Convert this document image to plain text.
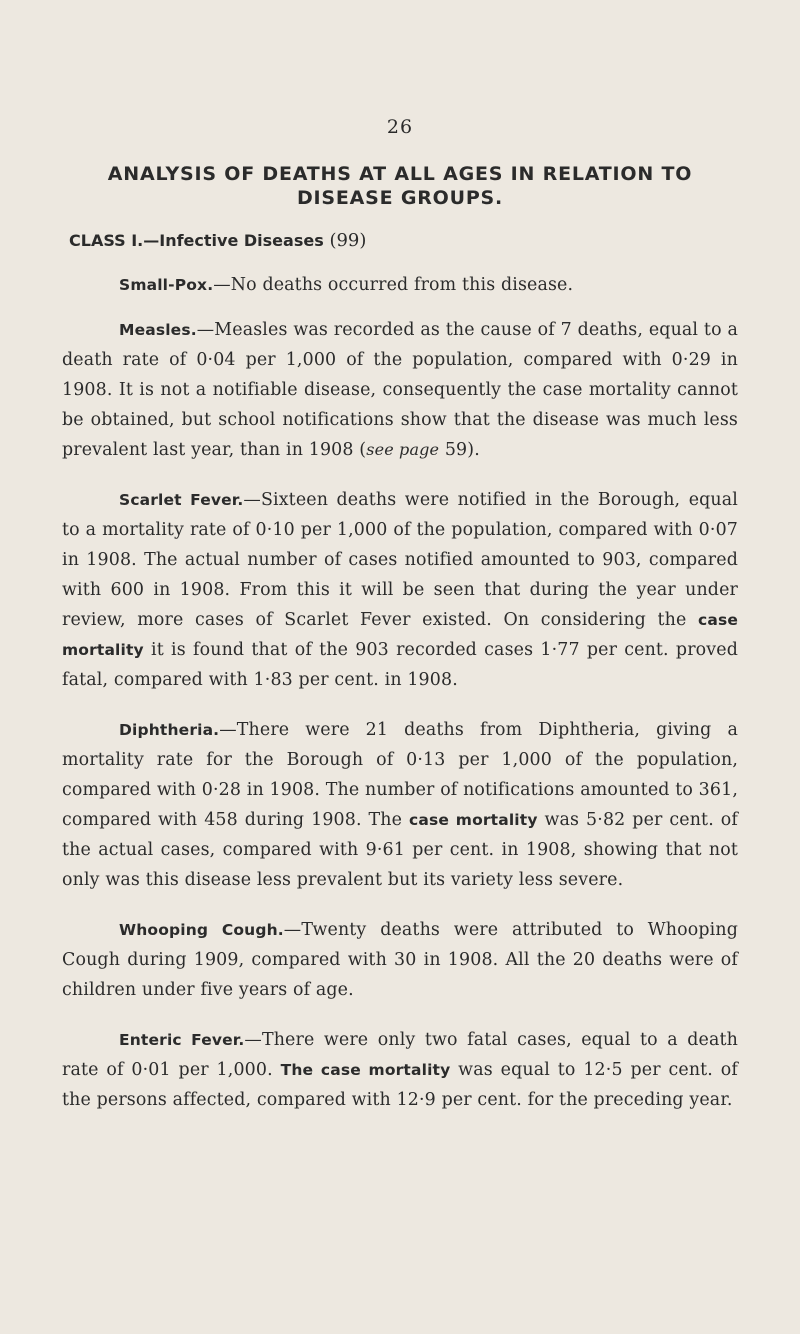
26
ANALYSIS OF DEATHS AT ALL AGES IN RELATION TO DISEASE GROUPS.
CLASS I.—Infective Diseases (99)

Small-Pox.—No deaths occurred from this disease.

Measles.—Measles was recorded as the cause of 7 deaths, equal to a death rate of 0·04 per 1,000 of the population, compared with 0·29 in 1908. It is not a notifiable disease, consequently the case mortality cannot be obtained, but school notifications show that the disease was much less prevalent last year, than in 1908 (see page 59).

Scarlet Fever.—Sixteen deaths were notified in the Borough, equal to a mortality rate of 0·10 per 1,000 of the population, compared with 0·07 in 1908. The actual number of cases notified amounted to 903, compared with 600 in 1908. From this it will be seen that during the year under review, more cases of Scarlet Fever existed. On considering the case mortality it is found that of the 903 recorded cases 1·77 per cent. proved fatal, compared with 1·83 per cent. in 1908.

Diphtheria.—There were 21 deaths from Diphtheria, giving a mortality rate for the Borough of 0·13 per 1,000 of the population, compared with 0·28 in 1908. The number of notifications amounted to 361, compared with 458 during 1908. The case mortality was 5·82 per cent. of the actual cases, compared with 9·61 per cent. in 1908, showing that not only was this disease less prevalent but its variety less severe.

Whooping Cough.—Twenty deaths were attributed to Whooping Cough during 1909, compared with 30 in 1908. All the 20 deaths were of children under five years of age.

Enteric Fever.—There were only two fatal cases, equal to a death rate of 0·01 per 1,000. The case mortality was equal to 12·5 per cent. of the persons affected, compared with 12·9 per cent. for the preceding year.
